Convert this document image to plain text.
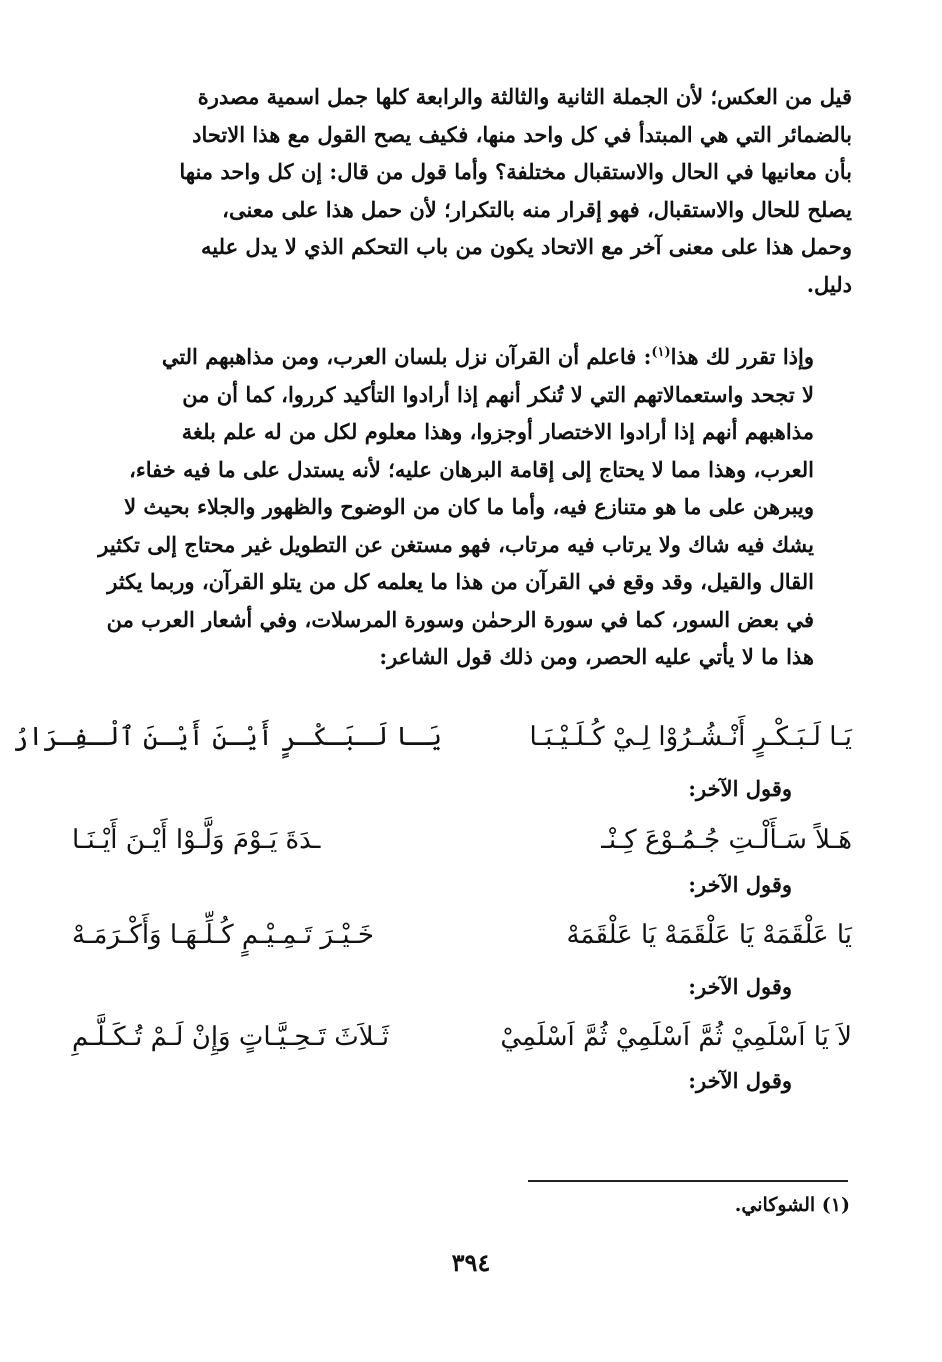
قيل من العكس؛ لأن الجملة الثانية والثالثة والرابعة كلها جمل اسمية مصدرة
بالضمائر التي هي المبتدأ في كل واحد منها، فكيف يصح القول مع هذا الاتحاد
بأن معانيها في الحال والاستقبال مختلفة؟ وأما قول من قال: إن كل واحد منها
يصلح للحال والاستقبال، فهو إقرار منه بالتكرار؛ لأن حمل هذا على معنى،
وحمل هذا على معنى آخر مع الاتحاد يكون من باب التحكم الذي لا يدل عليه
دليل.
وإذا تقرر لك هذا$^{(١)}$: فاعلم أن القرآن نزل بلسان العرب، ومن مذاهبهم التي
لا تجحد واستعمالاتهم التي لا تُنكر أنهم إذا أرادوا التأكيد كرروا، كما أن من
مذاهبهم أنهم إذا أرادوا الاختصار أوجزوا، وهذا معلوم لكل من له علم بلغة
العرب، وهذا مما لا يحتاج إلى إقامة البرهان عليه؛ لأنه يستدل على ما فيه خفاء،
ويبرهن على ما هو متنازع فيه، وأما ما كان من الوضوح والظهور والجلاء بحيث لا
يشك فيه شاك ولا يرتاب فيه مرتاب، فهو مستغن عن التطويل غير محتاج إلى تكثير
القال والقيل، وقد وقع في القرآن من هذا ما يعلمه كل من يتلو القرآن، وربما يكثر
في بعض السور، كما في سورة الرحمٰن وسورة المرسلات، وفي أشعار العرب من
هذا ما لا يأتي عليه الحصر، ومن ذلك قول الشاعر:
يَـا لَـبَـكْـرٍ أَنْـشُـرُوْا لِـيْ كُـلَـيْـبَـا
يَـا لَـبَـكْـرٍ أَيْـنَ أَيْـنَ ٱلْـفِـرَارُ
وقول الآخر:
هَـلاً سَـأَلْـتِ جُـمُـوْعَ كِـنْـ
ـدَةَ يَـوْمَ وَلَّـوْا أَيْـنَ أَيْـنَـا
وقول الآخر:
يَا عَلْقَمَهْ يَا عَلْقَمَهْ يَا عَلْقَمَهْ
خَـيْـرَ تَـمِـيْـمٍ كُـلِّـهَـا وَأَكْـرَمَـهْ
وقول الآخر:
لاَ يَا اَسْلَمِيْ ثُمَّ اَسْلَمِيْ ثُمَّ اَسْلَمِيْ
ثَـلاَثَ تَـحِـيَّـاتٍ وَإِنْ لَـمْ تُـكَـلَّـمِ
وقول الآخر:
(١) الشوكاني.
٣٩٤
